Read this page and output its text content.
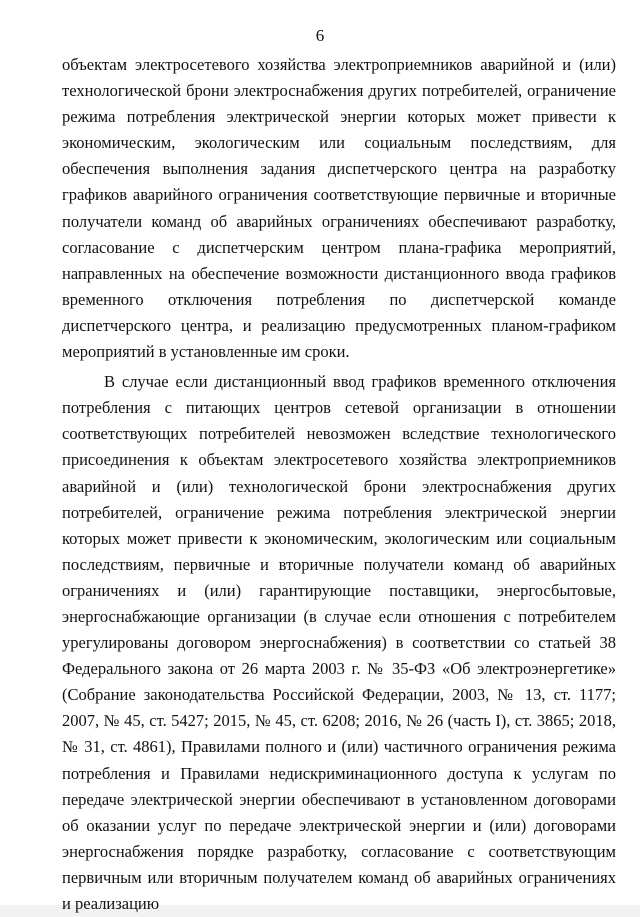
6

объектам электросетевого хозяйства электроприемников аварийной и (или) технологической брони электроснабжения других потребителей, ограничение режима потребления электрической энергии которых может привести к экономическим, экологическим или социальным последствиям, для обеспечения выполнения задания диспетчерского центра на разработку графиков аварийного ограничения соответствующие первичные и вторичные получатели команд об аварийных ограничениях обеспечивают разработку, согласование с диспетчерским центром плана-графика мероприятий, направленных на обеспечение возможности дистанционного ввода графиков временного отключения потребления по диспетчерской команде диспетчерского центра, и реализацию предусмотренных планом-графиком мероприятий в установленные им сроки.

В случае если дистанционный ввод графиков временного отключения потребления с питающих центров сетевой организации в отношении соответствующих потребителей невозможен вследствие технологического присоединения к объектам электросетевого хозяйства электроприемников аварийной и (или) технологической брони электроснабжения других потребителей, ограничение режима потребления электрической энергии которых может привести к экономическим, экологическим или социальным последствиям, первичные и вторичные получатели команд об аварийных ограничениях и (или) гарантирующие поставщики, энергосбытовые, энергоснабжающие организации (в случае если отношения с потребителем урегулированы договором энергоснабжения) в соответствии со статьей 38 Федерального закона от 26 марта 2003 г. № 35-ФЗ «Об электроэнергетике» (Собрание законодательства Российской Федерации, 2003, № 13, ст. 1177; 2007, № 45, ст. 5427; 2015, № 45, ст. 6208; 2016, № 26 (часть I), ст. 3865; 2018, № 31, ст. 4861), Правилами полного и (или) частичного ограничения режима потребления и Правилами недискриминационного доступа к услугам по передаче электрической энергии обеспечивают в установленном договорами об оказании услуг по передаче электрической энергии и (или) договорами энергоснабжения порядке разработку, согласование с соответствующим первичным или вторичным получателем команд об аварийных ограничениях и реализацию
